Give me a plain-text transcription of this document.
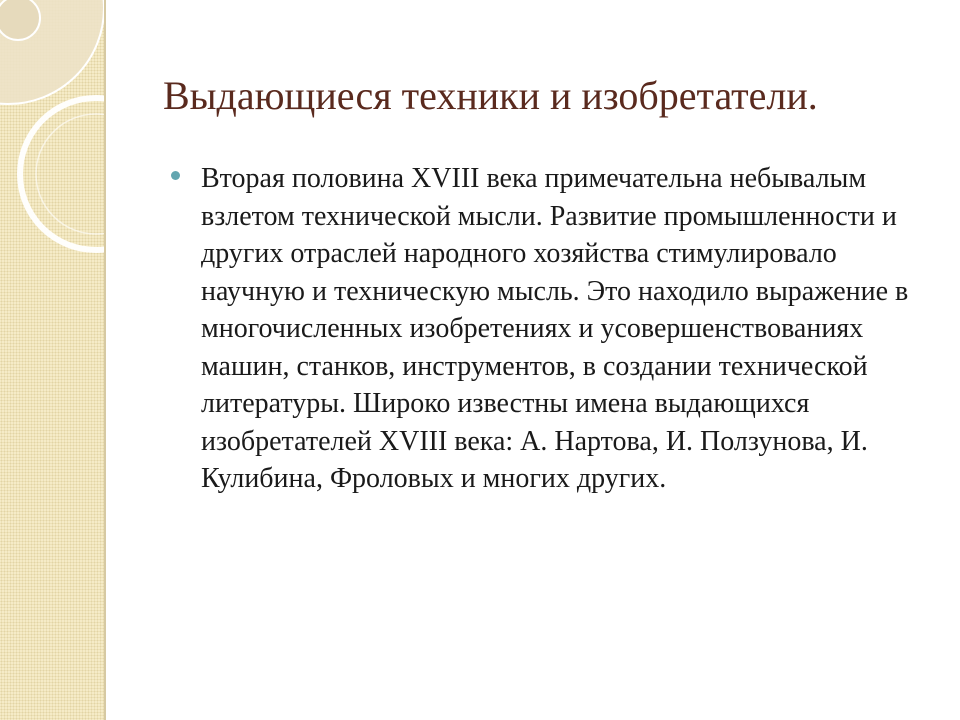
Выдающиеся техники и изобретатели.

Вторая половина XVIII века примечательна небывалым взлетом технической мысли. Развитие промышленности и других отраслей народного хозяйства стимулировало научную и техническую мысль. Это находило выражение в многочисленных изобретениях и усовершенствованиях машин, станков, инструментов, в создании технической литературы. Широко известны имена выдающихся изобретателей XVIII века: А. Нартова, И. Ползунова, И. Кулибина, Фроловых и многих других.
